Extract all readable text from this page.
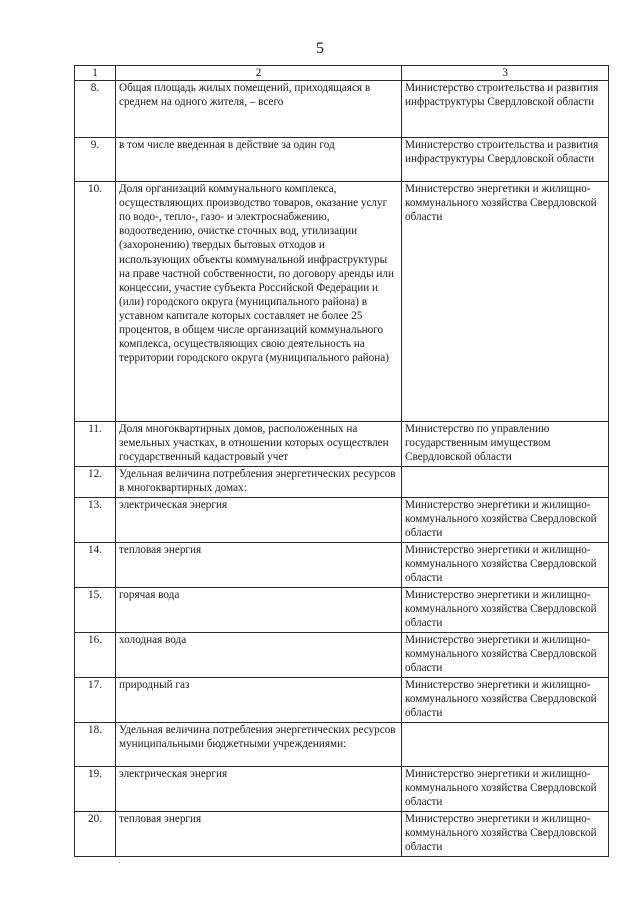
5
1	2	3
8.	Общая площадь жилых помещений, приходящаяся в среднем на одного жителя, – всего	Министерство строительства и развития инфраструктуры Свердловской области
9.	в том числе введенная в действие за один год	Министерство строительства и развития инфраструктуры Свердловской области
10.	Доля организаций коммунального комплекса, осуществляющих производство товаров, оказание услуг по водо-, тепло-, газо- и электроснабжению, водоотведению, очистке сточных вод, утилизации (захоронению) твердых бытовых отходов и использующих объекты коммунальной инфраструктуры на праве частной собственности, по договору аренды или концессии, участие субъекта Российской Федерации и (или) городского округа (муниципального района) в уставном капитале которых составляет не более 25 процентов, в общем числе организаций коммунального комплекса, осуществляющих свою деятельность на территории городского округа (муниципального района)	Министерство энергетики и жилищно-коммунального хозяйства Свердловской области
11.	Доля многоквартирных домов, расположенных на земельных участках, в отношении которых осуществлен государственный кадастровый учет	Министерство по управлению государственным имуществом Свердловской области
12.	Удельная величина потребления энергетических ресурсов в многоквартирных домах:	
13.	электрическая энергия	Министерство энергетики и жилищно-коммунального хозяйства Свердловской области
14.	тепловая энергия	Министерство энергетики и жилищно-коммунального хозяйства Свердловской области
15.	горячая вода	Министерство энергетики и жилищно-коммунального хозяйства Свердловской области
16.	холодная вода	Министерство энергетики и жилищно-коммунального хозяйства Свердловской области
17.	природный газ	Министерство энергетики и жилищно-коммунального хозяйства Свердловской области
18.	Удельная величина потребления энергетических ресурсов муниципальными бюджетными учреждениями:	
19.	электрическая энергия	Министерство энергетики и жилищно-коммунального хозяйства Свердловской области
20.	тепловая энергия	Министерство энергетики и жилищно-коммунального хозяйства Свердловской области
